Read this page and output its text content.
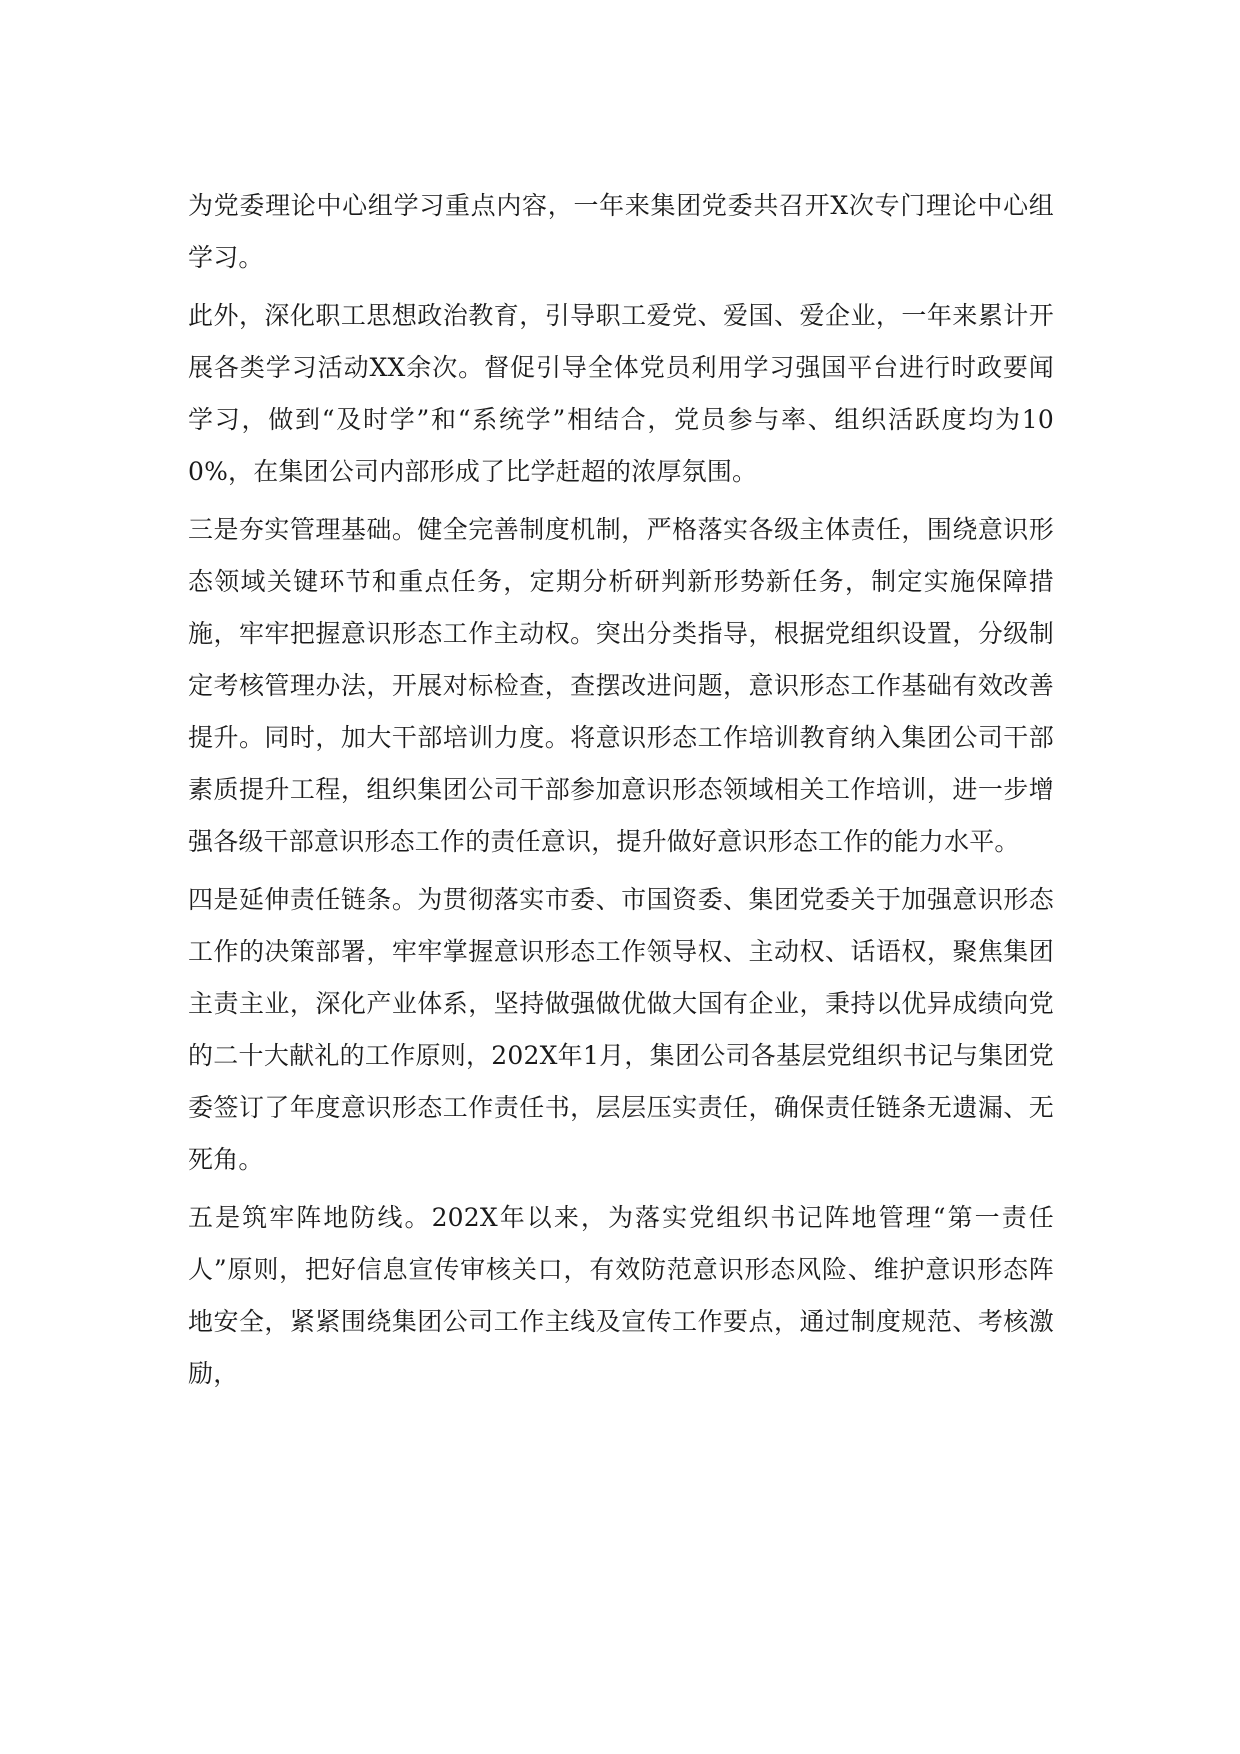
为党委理论中心组学习重点内容，一年来集团党委共召开X次专门理论中心组学习。

此外，深化职工思想政治教育，引导职工爱党、爱国、爱企业，一年来累计开展各类学习活动XX余次。督促引导全体党员利用学习强国平台进行时政要闻学习，做到“及时学”和“系统学”相结合，党员参与率、组织活跃度均为100%，在集团公司内部形成了比学赶超的浓厚氛围。

三是夯实管理基础。健全完善制度机制，严格落实各级主体责任，围绕意识形态领域关键环节和重点任务，定期分析研判新形势新任务，制定实施保障措施，牢牢把握意识形态工作主动权。突出分类指导，根据党组织设置，分级制定考核管理办法，开展对标检查，查摆改进问题，意识形态工作基础有效改善提升。同时，加大干部培训力度。将意识形态工作培训教育纳入集团公司干部素质提升工程，组织集团公司干部参加意识形态领域相关工作培训，进一步增强各级干部意识形态工作的责任意识，提升做好意识形态工作的能力水平。

四是延伸责任链条。为贯彻落实市委、市国资委、集团党委关于加强意识形态工作的决策部署，牢牢掌握意识形态工作领导权、主动权、话语权，聚焦集团主责主业，深化产业体系，坚持做强做优做大国有企业，秉持以优异成绩向党的二十大献礼的工作原则，202X年1月，集团公司各基层党组织书记与集团党委签订了年度意识形态工作责任书，层层压实责任，确保责任链条无遗漏、无死角。

五是筑牢阵地防线。202X年以来，为落实党组织书记阵地管理“第一责任人”原则，把好信息宣传审核关口，有效防范意识形态风险、维护意识形态阵地安全，紧紧围绕集团公司工作主线及宣传工作要点，通过制度规范、考核激励，
